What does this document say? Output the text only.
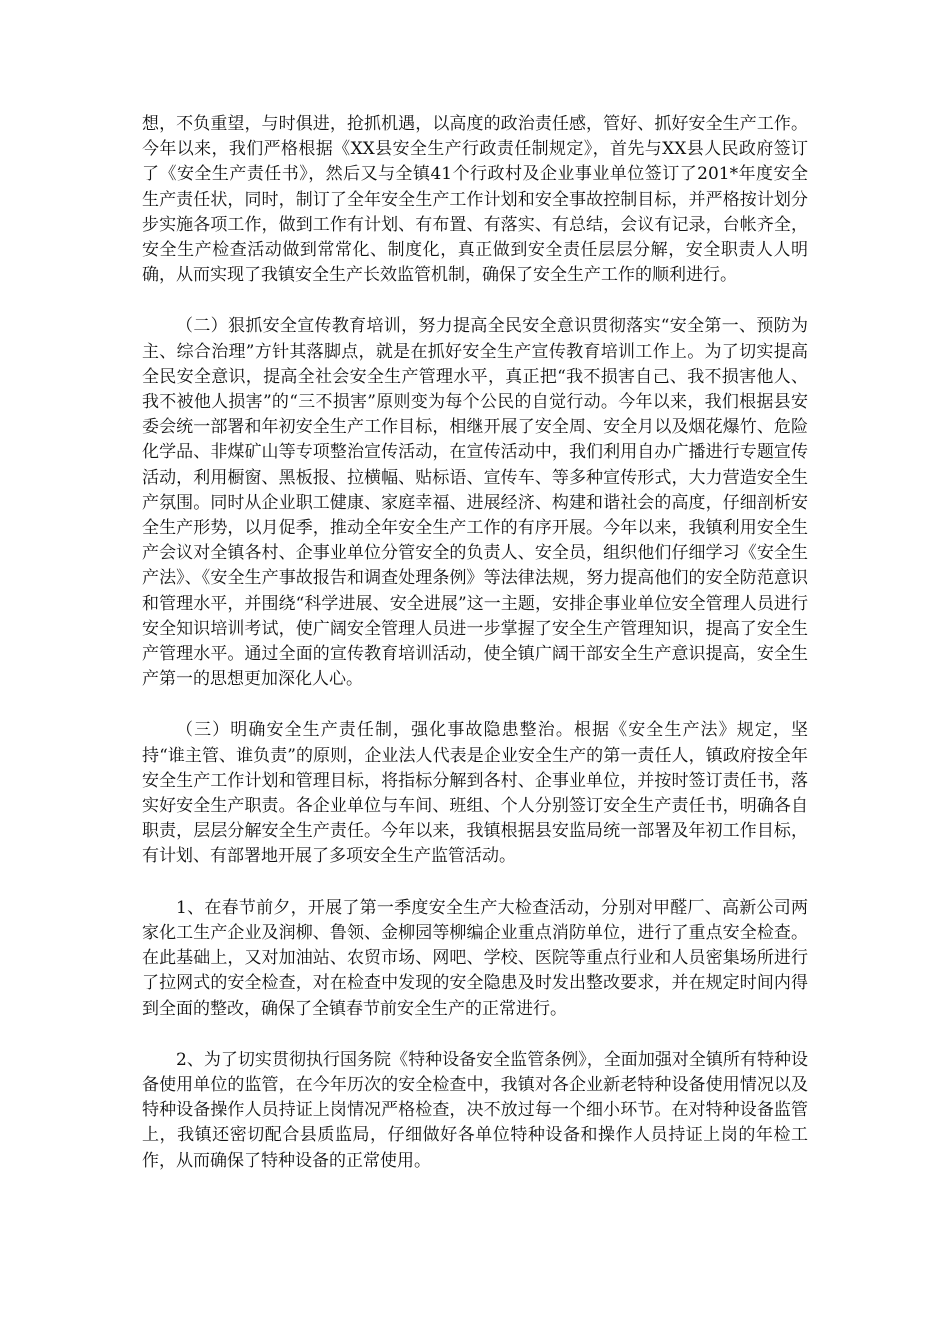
想，不负重望，与时俱进，抢抓机遇，以高度的政治责任感，管好、抓好安全生产工作。今年以来，我们严格根据《XX县安全生产行政责任制规定》，首先与XX县人民政府签订了《安全生产责任书》，然后又与全镇41个行政村及企业事业单位签订了201*年度安全生产责任状，同时，制订了全年安全生产工作计划和安全事故控制目标，并严格按计划分步实施各项工作，做到工作有计划、有布置、有落实、有总结，会议有记录，台帐齐全，安全生产检查活动做到常常化、制度化，真正做到安全责任层层分解，安全职责人人明确，从而实现了我镇安全生产长效监管机制，确保了安全生产工作的顺利进行。

（二）狠抓安全宣传教育培训，努力提高全民安全意识贯彻落实“安全第一、预防为主、综合治理”方针其落脚点，就是在抓好安全生产宣传教育培训工作上。为了切实提高全民安全意识，提高全社会安全生产管理水平，真正把“我不损害自己、我不损害他人、我不被他人损害”的“三不损害”原则变为每个公民的自觉行动。今年以来，我们根据县安委会统一部署和年初安全生产工作目标，相继开展了安全周、安全月以及烟花爆竹、危险化学品、非煤矿山等专项整治宣传活动，在宣传活动中，我们利用自办广播进行专题宣传活动，利用橱窗、黑板报、拉横幅、贴标语、宣传车、等多种宣传形式，大力营造安全生产氛围。同时从企业职工健康、家庭幸福、进展经济、构建和谐社会的高度，仔细剖析安全生产形势，以月促季，推动全年安全生产工作的有序开展。今年以来，我镇利用安全生产会议对全镇各村、企事业单位分管安全的负责人、安全员，组织他们仔细学习《安全生产法》、《安全生产事故报告和调查处理条例》等法律法规，努力提高他们的安全防范意识和管理水平，并围绕“科学进展、安全进展”这一主题，安排企事业单位安全管理人员进行安全知识培训考试，使广阔安全管理人员进一步掌握了安全生产管理知识，提高了安全生产管理水平。通过全面的宣传教育培训活动，使全镇广阔干部安全生产意识提高，安全生产第一的思想更加深化人心。

（三）明确安全生产责任制，强化事故隐患整治。根据《安全生产法》规定，坚持“谁主管、谁负责”的原则，企业法人代表是企业安全生产的第一责任人，镇政府按全年安全生产工作计划和管理目标，将指标分解到各村、企事业单位，并按时签订责任书，落实好安全生产职责。各企业单位与车间、班组、个人分别签订安全生产责任书，明确各自职责，层层分解安全生产责任。今年以来，我镇根据县安监局统一部署及年初工作目标，有计划、有部署地开展了多项安全生产监管活动。

1、在春节前夕，开展了第一季度安全生产大检查活动，分别对甲醛厂、高新公司两家化工生产企业及润柳、鲁领、金柳园等柳编企业重点消防单位，进行了重点安全检查。在此基础上，又对加油站、农贸市场、网吧、学校、医院等重点行业和人员密集场所进行了拉网式的安全检查，对在检查中发现的安全隐患及时发出整改要求，并在规定时间内得到全面的整改，确保了全镇春节前安全生产的正常进行。

2、为了切实贯彻执行国务院《特种设备安全监管条例》，全面加强对全镇所有特种设备使用单位的监管，在今年历次的安全检查中，我镇对各企业新老特种设备使用情况以及特种设备操作人员持证上岗情况严格检查，决不放过每一个细小环节。在对特种设备监管上，我镇还密切配合县质监局，仔细做好各单位特种设备和操作人员持证上岗的年检工作，从而确保了特种设备的正常使用。
